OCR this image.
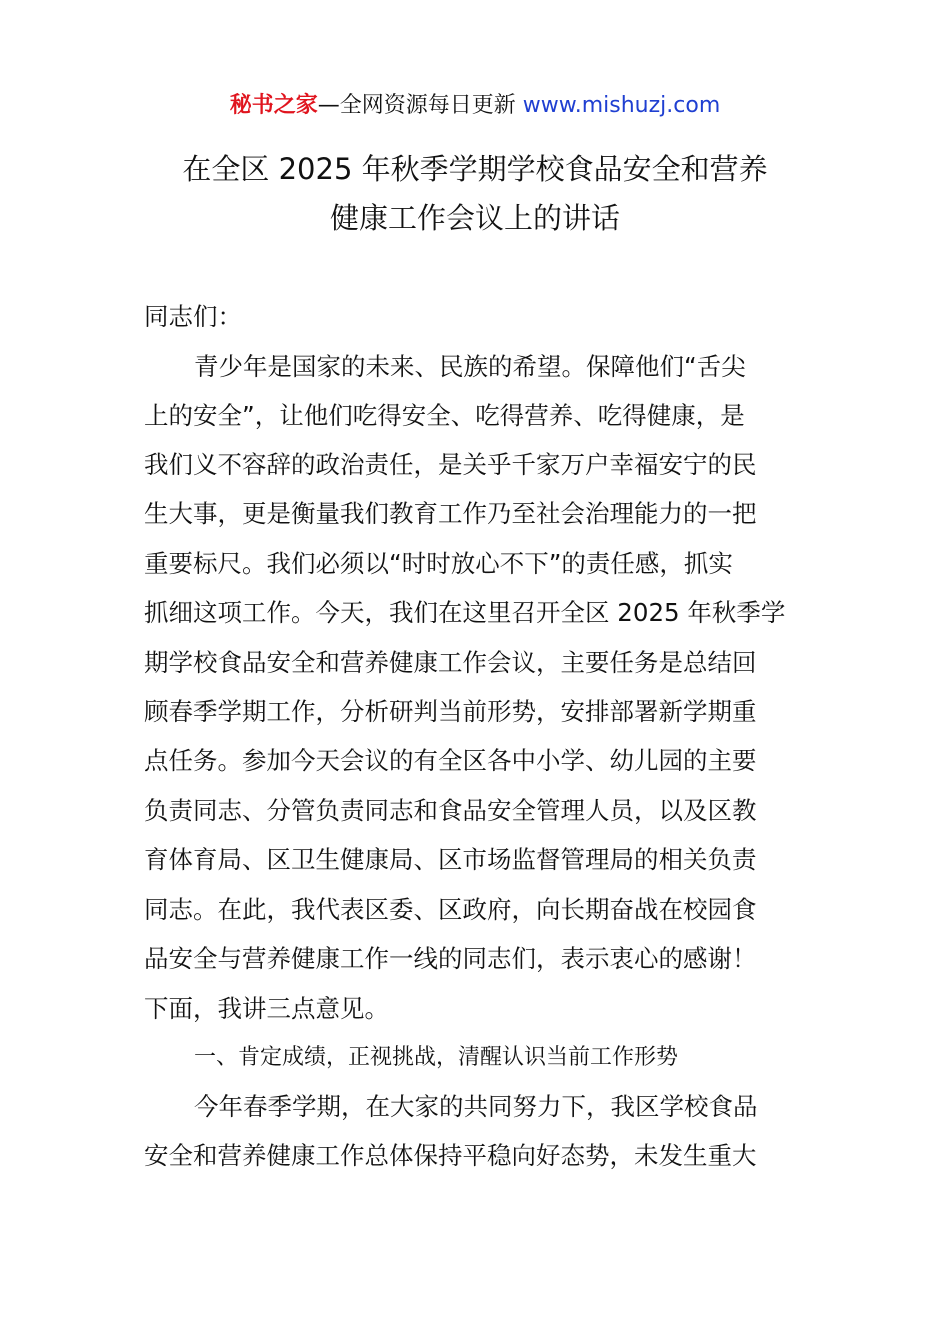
秘书之家—全网资源每日更新 www.mishuzj.com
在全区 2025 年秋季学期学校食品安全和营养
健康工作会议上的讲话
同志们：
青少年是国家的未来、民族的希望。保障他们“舌尖
上的安全”，让他们吃得安全、吃得营养、吃得健康，是
我们义不容辞的政治责任，是关乎千家万户幸福安宁的民
生大事，更是衡量我们教育工作乃至社会治理能力的一把
重要标尺。我们必须以“时时放心不下”的责任感，抓实
抓细这项工作。今天，我们在这里召开全区 2025 年秋季学
期学校食品安全和营养健康工作会议，主要任务是总结回
顾春季学期工作，分析研判当前形势，安排部署新学期重
点任务。参加今天会议的有全区各中小学、幼儿园的主要
负责同志、分管负责同志和食品安全管理人员，以及区教
育体育局、区卫生健康局、区市场监督管理局的相关负责
同志。在此，我代表区委、区政府，向长期奋战在校园食
品安全与营养健康工作一线的同志们，表示衷心的感谢！
下面，我讲三点意见。
一、肯定成绩，正视挑战，清醒认识当前工作形势
今年春季学期，在大家的共同努力下，我区学校食品
安全和营养健康工作总体保持平稳向好态势，未发生重大
